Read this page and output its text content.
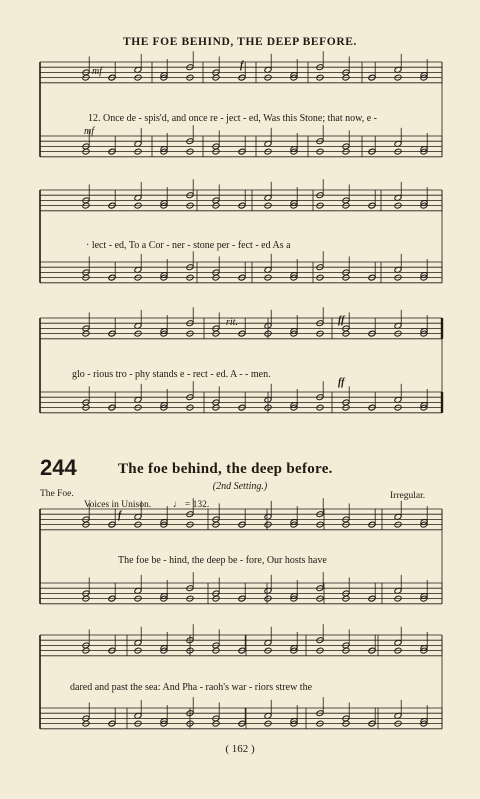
THE FOE BEHIND, THE DEEP BEFORE.
mf
f
12. Once de - spis'd, and once re - ject - ed, Was this Stone; that now, e -
mf
· lect - ed, To a Cor - ner - stone per - fect - ed As a
rit.	ff
glo - rious tro - phy stands e - rect - ed. A - - men.
ff
244	The foe behind, the deep before.
(2nd Setting.)
The Foe.
Voices in Unison. ♩ = 132.
Irregular.
f
The foe be - hind, the deep be - fore, Our hosts have
dared and past the sea: And Pha - raoh's war - riors strew the
( 162 )
